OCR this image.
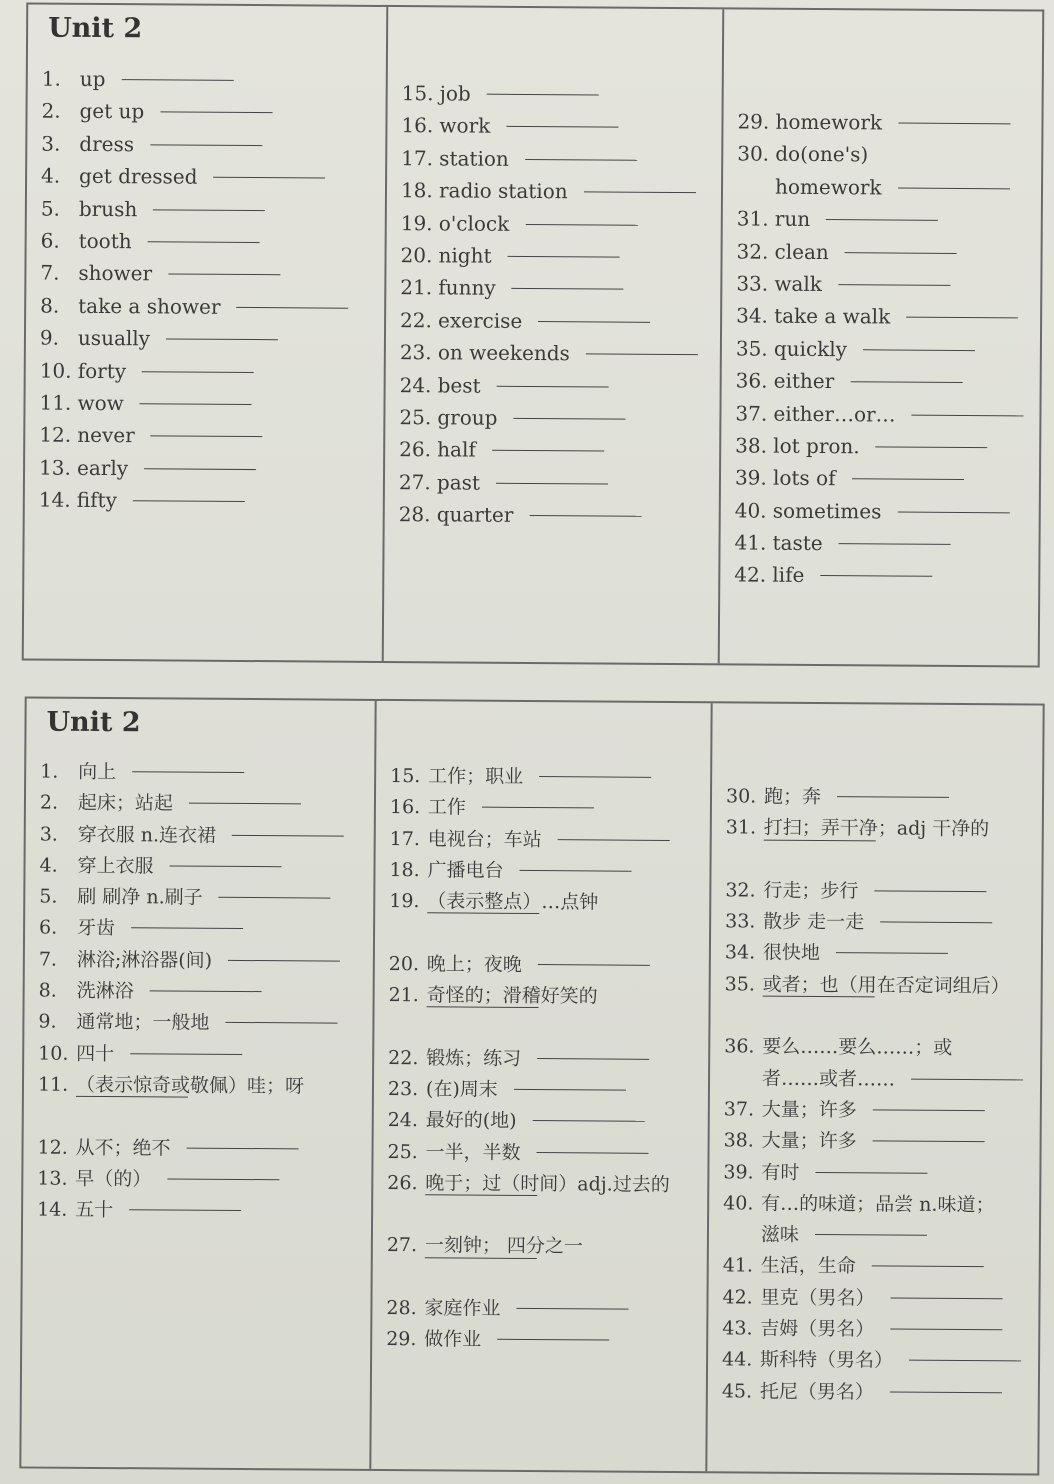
Unit 2
1. up
2. get up
3. dress
4. get dressed
5. brush
6. tooth
7. shower
8. take a shower
9. usually
10. forty
11. wow
12. never
13. early
14. fifty
15. job
16. work
17. station
18. radio station
19. o'clock
20. night
21. funny
22. exercise
23. on weekends
24. best
25. group
26. half
27. past
28. quarter
29. homework
30. do(one's)
homework
31. run
32. clean
33. walk
34. take a walk
35. quickly
36. either
37. either…or…
38. lot pron.
39. lots of
40. sometimes
41. taste
42. life
Unit 2
1.	向上
2.	起床；站起
3.	穿衣服 n.连衣裙
4.	穿上衣服
5.	刷 刷净 n.刷子
6.	牙齿
7.	淋浴;淋浴器(间)
8.	洗淋浴
9.	通常地；一般地
10. 四十
11. （表示惊奇或敬佩）哇；呀
12. 从不；绝不
13. 早（的）
14. 五十
15. 工作；职业
16. 工作
17. 电视台；车站
18. 广播电台
19. （表示整点）…点钟
20. 晚上；夜晚
21. 奇怪的；滑稽好笑的
22. 锻炼；练习
23. (在)周末
24. 最好的(地)
25. 一半，半数
26. 晚于；过（时间）adj.过去的
27. 一刻钟； 四分之一
28. 家庭作业
29. 做作业
30. 跑；奔
31. 打扫；弄干净；adj 干净的
32. 行走；步行
33. 散步 走一走
34. 很快地
35. 或者；也（用在否定词组后）
36. 要么……要么……；或
者……或者……
37. 大量；许多
38. 大量；许多
39. 有时
40. 有…的味道；品尝 n.味道；
滋味
41. 生活，生命
42. 里克（男名）
43. 吉姆（男名）
44. 斯科特（男名）
45. 托尼（男名）
